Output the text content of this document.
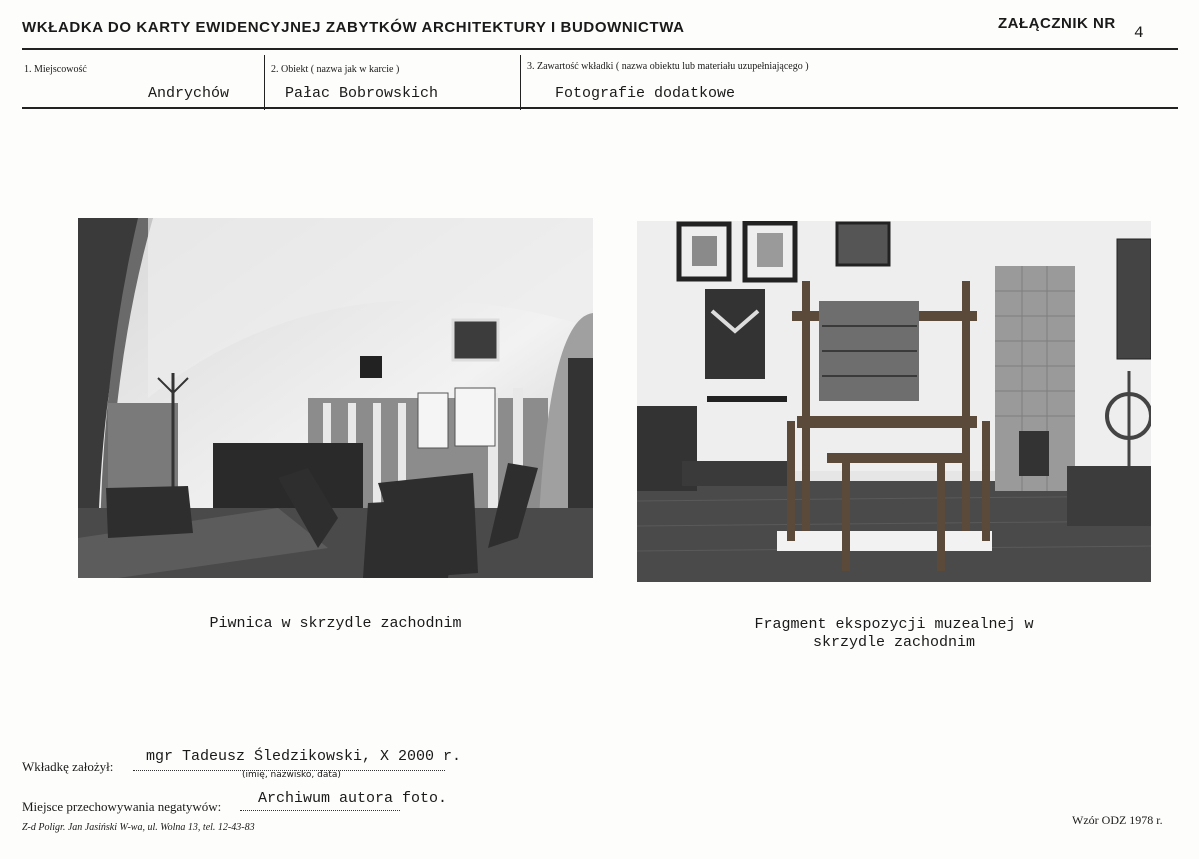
WKŁADKA DO KARTY EWIDENCYJNEJ ZABYTKÓW ARCHITEKTURY I BUDOWNICTWA	ZAŁĄCZNIK NR
4
1. Miejscowość
Andrychów
2. Obiekt ( nazwa jak w karcie )
Pałac Bobrowskich
3. Zawartość wkładki ( nazwa obiektu lub materiału uzupełniającego )
Fotografie dodatkowe
Piwnica w skrzydle zachodnim	Fragment ekspozycji muzealnej w
skrzydle zachodnim
Wkładkę założył:
mgr Tadeusz Śledzikowski, X 2000 r.
(imię, nazwisko, data)
Miejsce przechowywania negatywów: Archiwum autora foto.
Z-d Poligr. Jan Jasiński W-wa, ul. Wolna 13, tel. 12-43-83
Wzór ODZ 1978 r.
